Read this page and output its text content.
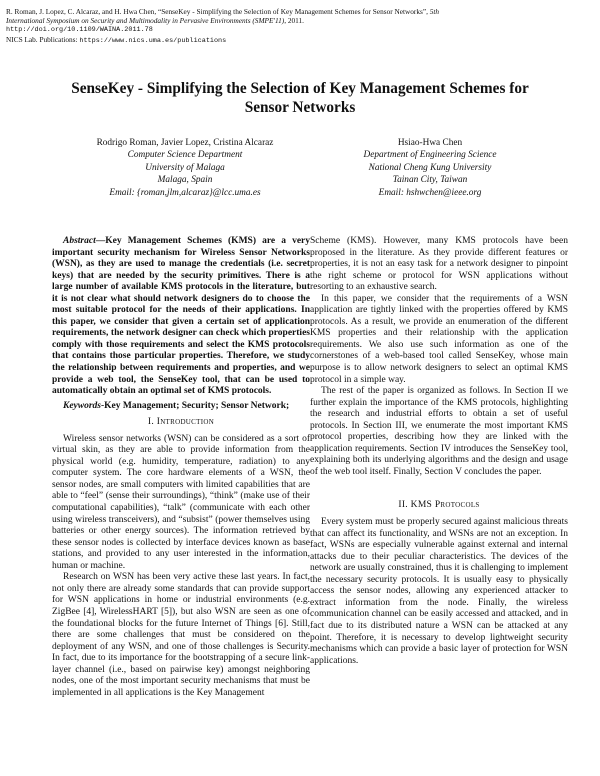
R. Roman, J. Lopez, C. Alcaraz, and H. Hwa Chen, “SenseKey - Simplifying the Selection of Key Management Schemes for Sensor Networks”, 5th
International Symposium on Security and Multimodality in Pervasive Environments (SMPE'11), 2011.
http://doi.org/10.1109/WAINA.2011.78
NICS Lab. Publications: https://www.nics.uma.es/publications
SenseKey - Simplifying the Selection of Key Management Schemes for Sensor Networks
Rodrigo Roman, Javier Lopez, Cristina Alcaraz
Computer Science Department
University of Malaga
Malaga, Spain
Email: {roman,jlm,alcaraz}@lcc.uma.es
Hsiao-Hwa Chen
Department of Engineering Science
National Cheng Kung University
Tainan City, Taiwan
Email: hshwchen@ieee.org

Abstract—Key Management Schemes (KMS) are a very important security mechanism for Wireless Sensor Networks (WSN), as they are used to manage the credentials (i.e. secret keys) that are needed by the security primitives. There is a large number of available KMS protocols in the literature, but it is not clear what should network designers do to choose the most suitable protocol for the needs of their applications. In this paper, we consider that given a certain set of application requirements, the network designer can check which properties comply with those requirements and select the KMS protocols that contains those particular properties. Therefore, we study the relationship between requirements and properties, and we provide a web tool, the SenseKey tool, that can be used to automatically obtain an optimal set of KMS protocols.

Keywords-Key Management; Security; Sensor Network;

I. Introduction

Wireless sensor networks (WSN) can be considered as a sort of virtual skin, as they are able to provide information from the physical world (e.g. humidity, temperature, radiation) to any computer system. The core hardware elements of a WSN, the sensor nodes, are small computers with limited capabilities that are able to “feel” (sense their surroundings), “think” (make use of their computational capabilities), “talk” (communicate with each other using wireless transceivers), and “subsist” (power themselves using batteries or other energy sources). The information retrieved by these sensor nodes is collected by interface devices known as base stations, and provided to any user interested in the information, human or machine.

Research on WSN has been very active these last years. In fact, not only there are already some standards that can provide support for WSN applications in home or industrial environments (e.g. ZigBee [4], WirelessHART [5]), but also WSN are seen as one of the foundational blocks for the future Internet of Things [6]. Still, there are some challenges that must be considered on the deployment of any WSN, and one of those challenges is Security. In fact, due to its importance for the bootstrapping of a secure link-layer channel (i.e., based on pairwise key) amongst neighboring nodes, one of the most important security mechanisms that must be implemented in all applications is the Key Management

Scheme (KMS). However, many KMS protocols have been proposed in the literature. As they provide different features or properties, it is not an easy task for a network designer to pinpoint the right scheme or protocol for WSN applications without resorting to an exhaustive search.

In this paper, we consider that the requirements of a WSN application are tightly linked with the properties offered by KMS protocols. As a result, we provide an enumeration of the different KMS properties and their relationship with the application requirements. We also use such information as one of the cornerstones of a web-based tool called SenseKey, whose main purpose is to allow network designers to select an optimal KMS protocol in a simple way.

The rest of the paper is organized as follows. In Section II we further explain the importance of the KMS protocols, highlighting the research and industrial efforts to obtain a set of useful protocols. In Section III, we enumerate the most important KMS protocol properties, describing how they are linked with the application requirements. Section IV introduces the SenseKey tool, explaining both its underlying algorithms and the design and usage of the web tool itself. Finally, Section V concludes the paper.

II. KMS Protocols

Every system must be properly secured against malicious threats that can affect its functionality, and WSNs are not an exception. In fact, WSNs are especially vulnerable against external and internal attacks due to their peculiar characteristics. The devices of the network are usually constrained, thus it is challenging to implement the necessary security protocols. It is usually easy to physically access the sensor nodes, allowing any experienced attacker to extract information from the node. Finally, the wireless communication channel can be easily accessed and attacked, and in fact due to its distributed nature a WSN can be attacked at any point. Therefore, it is necessary to develop lightweight security mechanisms which can provide a basic layer of protection for WSN applications.
